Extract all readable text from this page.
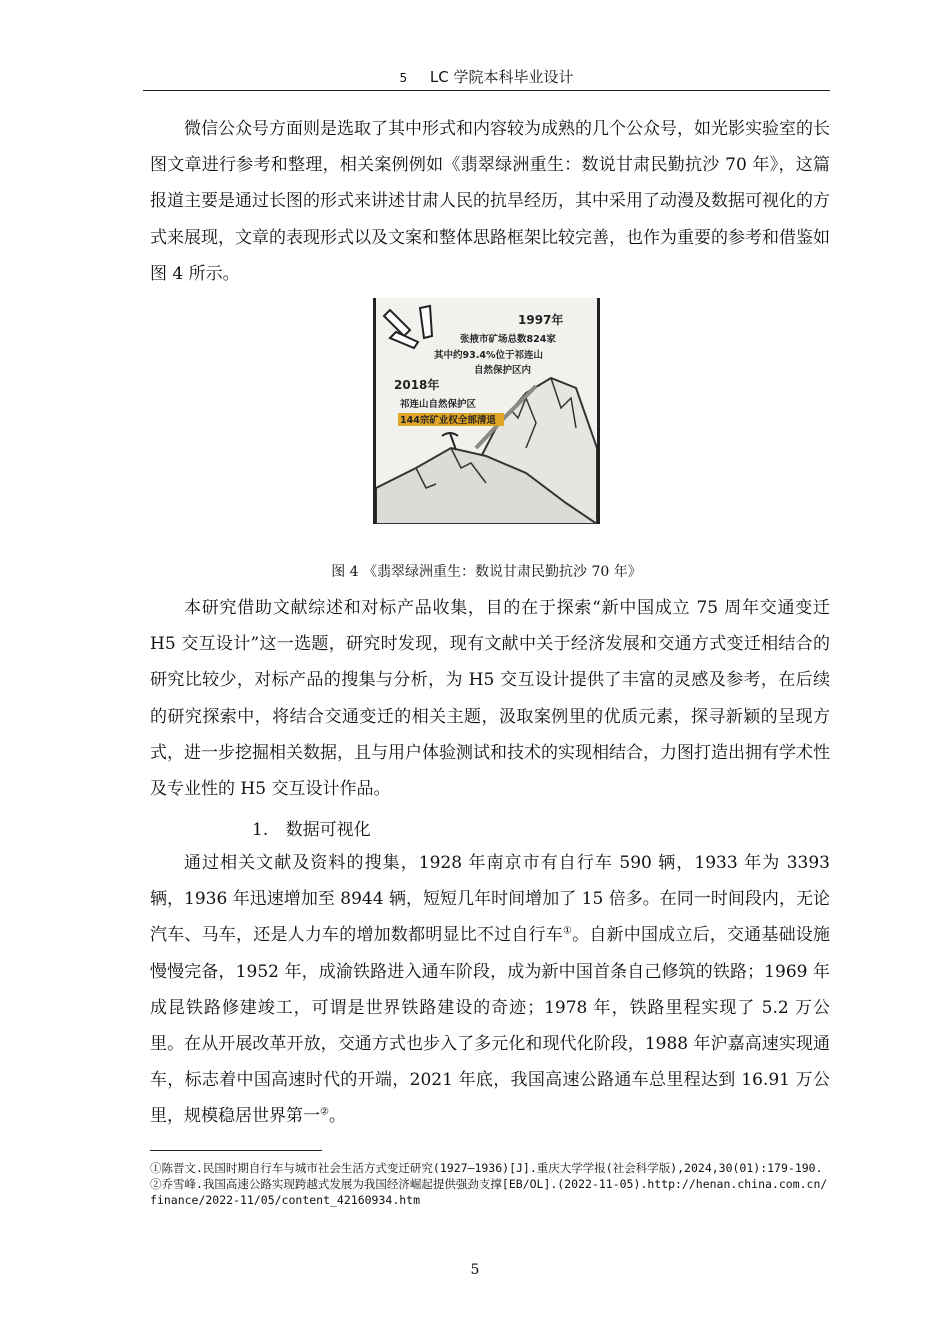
5 LC 学院本科毕业设计

微信公众号方面则是选取了其中形式和内容较为成熟的几个公众号，如光影实验室的长图文章进行参考和整理，相关案例例如《翡翠绿洲重生：数说甘肃民勤抗沙 70 年》，这篇报道主要是通过长图的形式来讲述甘肃人民的抗旱经历，其中采用了动漫及数据可视化的方式来展现，文章的表现形式以及文案和整体思路框架比较完善，也作为重要的参考和借鉴如图 4 所示。

1997年
张掖市矿场总数824家
其中约93.4%位于祁连山
自然保护区内
2018年
祁连山自然保护区
144宗矿业权全部清退
图 4 《翡翠绿洲重生：数说甘肃民勤抗沙 70 年》

本研究借助文献综述和对标产品收集，目的在于探索“新中国成立 75 周年交通变迁 H5 交互设计”这一选题，研究时发现，现有文献中关于经济发展和交通方式变迁相结合的研究比较少，对标产品的搜集与分析，为 H5 交互设计提供了丰富的灵感及参考，在后续的研究探索中，将结合交通变迁的相关主题，汲取案例里的优质元素，探寻新颖的呈现方式，进一步挖掘相关数据，且与用户体验测试和技术的实现相结合，力图打造出拥有学术性及专业性的 H5 交互设计作品。

1. 数据可视化

通过相关文献及资料的搜集，1928 年南京市有自行车 590 辆，1933 年为 3393 辆，1936 年迅速增加至 8944 辆，短短几年时间增加了 15 倍多。在同一时间段内，无论汽车、马车，还是人力车的增加数都明显比不过自行车①。自新中国成立后，交通基础设施慢慢完备，1952 年，成渝铁路进入通车阶段，成为新中国首条自己修筑的铁路；1969 年成昆铁路修建竣工，可谓是世界铁路建设的奇迹；1978 年，铁路里程实现了 5.2 万公里。在从开展改革开放，交通方式也步入了多元化和现代化阶段，1988 年沪嘉高速实现通车，标志着中国高速时代的开端，2021 年底，我国高速公路通车总里程达到 16.91 万公里，规模稳居世界第一②。

①陈晋文.民国时期自行车与城市社会生活方式变迁研究(1927—1936)[J].重庆大学学报(社会科学版),2024,30(01):179-190.

②乔雪峰.我国高速公路实现跨越式发展为我国经济崛起提供强劲支撑[EB/OL].(2022-11-05).http://henan.china.com.cn/finance/2022-11/05/content_42160934.htm

5
